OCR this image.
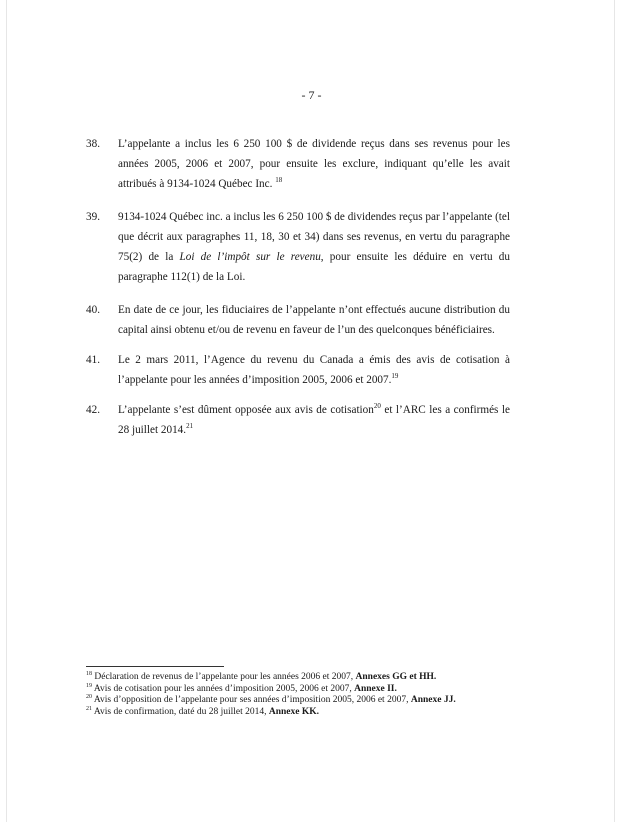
- 7 -
38. L’appelante a inclus les 6 250 100 $ de dividende reçus dans ses revenus pour les années 2005, 2006 et 2007, pour ensuite les exclure, indiquant qu’elle les avait attribués à 9134-1024 Québec Inc. $^{18}$
39. 9134-1024 Québec inc. a inclus les 6 250 100 $ de dividendes reçus par l’appelante (tel que décrit aux paragraphes 11, 18, 30 et 34) dans ses revenus, en vertu du paragraphe 75(2) de la Loi de l’impôt sur le revenu, pour ensuite les déduire en vertu du paragraphe 112(1) de la Loi.
40. En date de ce jour, les fiduciaires de l’appelante n’ont effectués aucune distribution du capital ainsi obtenu et/ou de revenu en faveur de l’un des quelconques bénéficiaires.
41. Le 2 mars 2011, l’Agence du revenu du Canada a émis des avis de cotisation à l’appelante pour les années d’imposition 2005, 2006 et 2007.19
42. L’appelante s’est dûment opposée aux avis de cotisation$^{20}$ et l’ARC les a confirmés le 28 juillet 2014.21
$^{18}$ Déclaration de revenus de l’appelante pour les années 2006 et 2007, Annexes GG et HH.
$^{19}$ Avis de cotisation pour les années d’imposition 2005, 2006 et 2007, Annexe II.
$^{20}$ Avis d’opposition de l’appelante pour ses années d’imposition 2005, 2006 et 2007, Annexe JJ.
$^{21}$ Avis de confirmation, daté du 28 juillet 2014, Annexe KK.
